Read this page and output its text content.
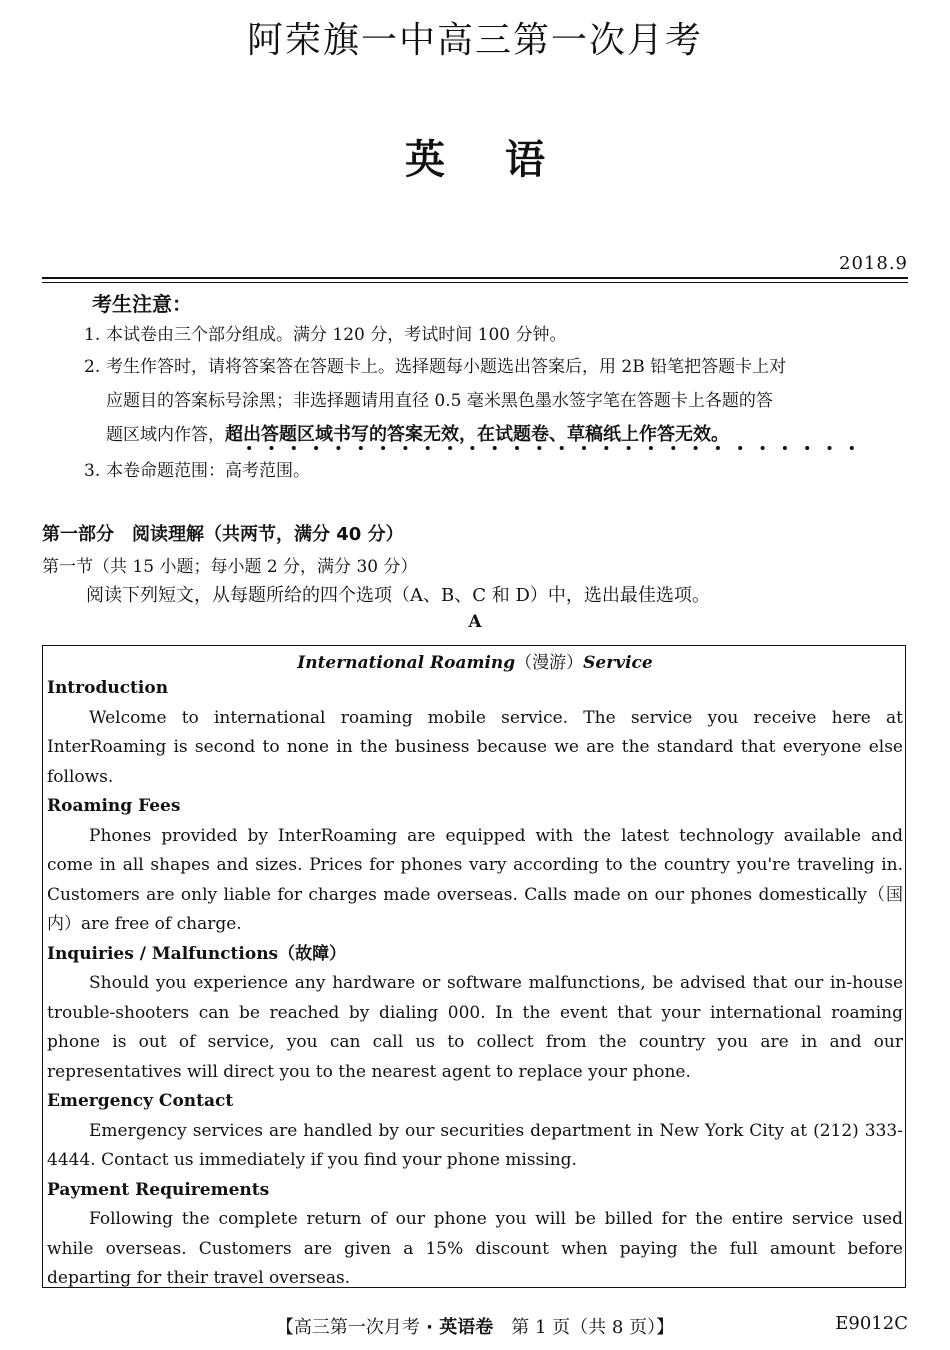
阿荣旗一中高三第一次月考
英语
2018.9
考生注意：
1. 本试卷由三个部分组成。满分 120 分，考试时间 100 分钟。
2. 考生作答时，请将答案答在答题卡上。选择题每小题选出答案后，用 2B 铅笔把答题卡上对
应题目的答案标号涂黑；非选择题请用直径 0.5 毫米黑色墨水签字笔在答题卡上各题的答
题区域内作答，超出答题区域书写的答案无效，在试题卷、草稿纸上作答无效。
3. 本卷命题范围：高考范围。
第一部分　阅读理解（共两节，满分 40 分）
第一节（共 15 小题；每小题 2 分，满分 30 分）
阅读下列短文，从每题所给的四个选项（A、B、C 和 D）中，选出最佳选项。
A
International Roaming（漫游）Service
Introduction

Welcome to international roaming mobile service. The service you receive here at InterRoaming is second to none in the business because we are the standard that everyone else follows.

Roaming Fees

Phones provided by InterRoaming are equipped with the latest technology available and come in all shapes and sizes. Prices for phones vary according to the country you're traveling in. Customers are only liable for charges made overseas. Calls made on our phones domestically（国内）are free of charge.

Inquiries / Malfunctions（故障）

Should you experience any hardware or software malfunctions, be advised that our in-house trouble-shooters can be reached by dialing 000. In the event that your international roaming phone is out of service, you can call us to collect from the country you are in and our representatives will direct you to the nearest agent to replace your phone.

Emergency Contact

Emergency services are handled by our securities department in New York City at (212) 333-4444. Contact us immediately if you find your phone missing.

Payment Requirements

Following the complete return of our phone you will be billed for the entire service used while overseas. Customers are given a 15% discount when paying the full amount before departing for their travel overseas.

【高三第一次月考 · 英语卷　第 1 页（共 8 页）】	E9012C
